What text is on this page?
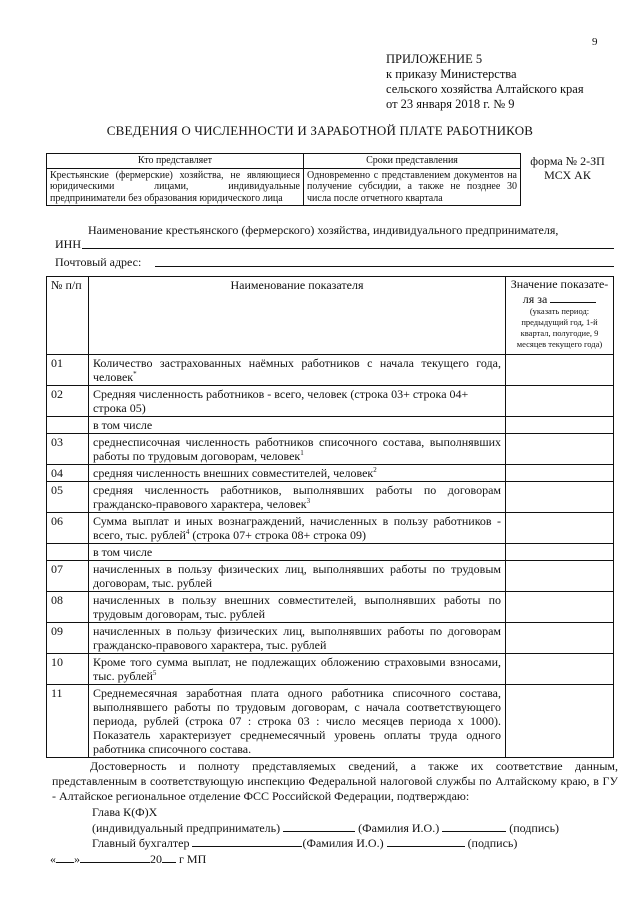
9
ПРИЛОЖЕНИЕ 5
к приказу Министерства
сельского хозяйства Алтайского края
от 23 января 2018 г. № 9
СВЕДЕНИЯ О ЧИСЛЕННОСТИ И ЗАРАБОТНОЙ ПЛАТЕ РАБОТНИКОВ
Кто представляет	Сроки представления	форма № 2-ЗП
МСХ АК

Крестьянские (фермерские) хозяйства, не являющиеся юридическими лицами, индивидуальные предприниматели без образования юридического лица	Одновременно с представлением документов на получение субсидии, а также не позднее 30 числа после отчетного квартала	
Наименование крестьянского (фермерского) хозяйства, индивидуального предпринимателя,
ИНН
Почтовый адрес:
№ п/п	Наименование показателя	Значение показате-
ля за
(указать период: предыдущий год, 1-й квартал, полугодие, 9 месяцев текущего года)

01	Количество застрахованных наёмных работников с начала текущего года, человек*	
02	Средняя численность работников - всего, человек (строка 03+ строка 04+ строка 05)	
	в том числе	
03	среднесписочная численность работников списочного состава, выполнявших работы по трудовым договорам, человек$^1$	
04	средняя численность внешних совместителей, человек$^2$	
05	средняя численность работников, выполнявших работы по договорам гражданско-правового характера, человек$^3$	
06	Сумма выплат и иных вознаграждений, начисленных в пользу работников - всего, тыс. рублей$^4$ (строка 07+ строка 08+ строка 09)	
	в том числе	
07	начисленных в пользу физических лиц, выполнявших работы по трудовым договорам, тыс. рублей	
08	начисленных в пользу внешних совместителей, выполнявших работы по трудовым договорам, тыс. рублей	
09	начисленных в пользу физических лиц, выполнявших работы по договорам гражданско-правового характера, тыс. рублей	
10	Кроме того сумма выплат, не подлежащих обложению страховыми взносами, тыс. рублей$^5$	
11	Среднемесячная заработная плата одного работника списочного состава, выполнявшего работы по трудовым договорам, с начала соответствующего периода, рублей (строка 07 : строка 03 : число месяцев периода х 1000). Показатель характеризует среднемесячный уровень оплаты труда одного работника списочного состава.	
Достоверность и полноту представляемых сведений, а также их соответствие данным, представленным в соответствующую инспекцию Федеральной налоговой службы по Алтайскому краю, в ГУ - Алтайское региональное отделение ФСС Российской Федерации, подтверждаю:
Глава К(Ф)Х
(индивидуальный предприниматель)	(Фамилия И.О.)	(подпись)
Главный бухгалтер	(Фамилия И.О.)	(подпись)
« »	20 г МП
